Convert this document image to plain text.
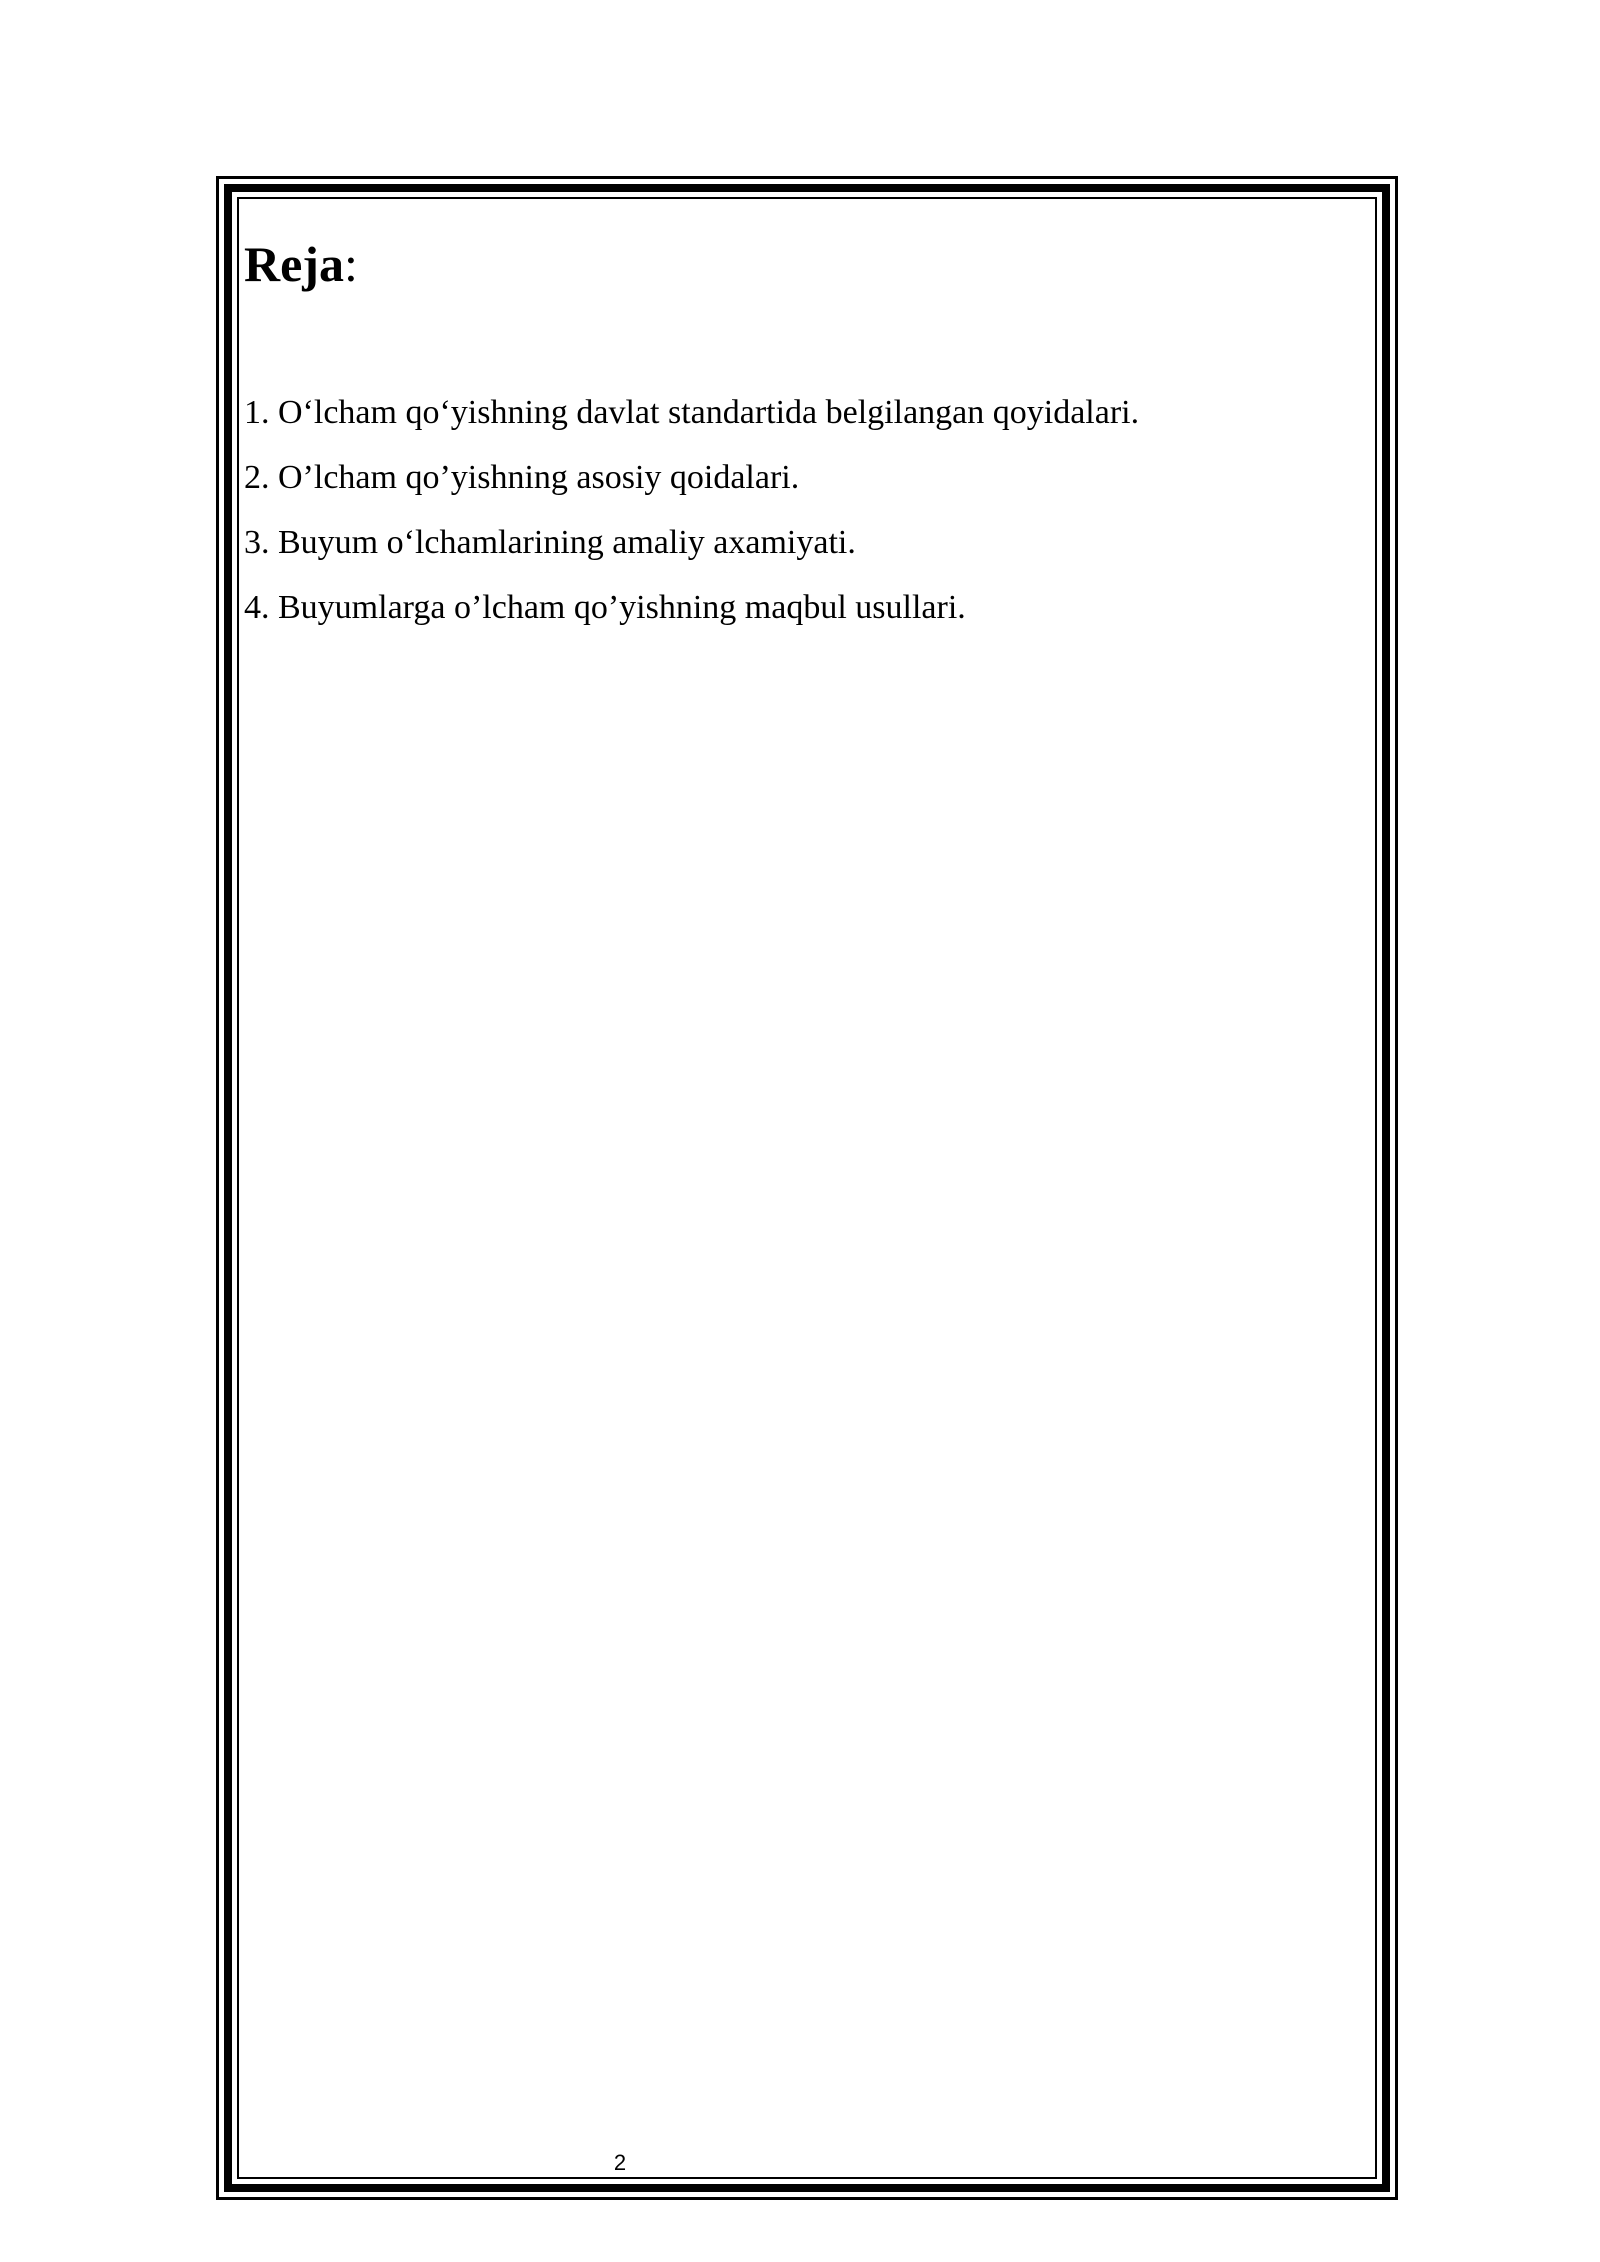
Reja:
1. O‘lcham qo‘yishning davlat standartida belgilangan qoyidalari.
2. O’lcham qo’yishning asosiy qoidalari.
3. Buyum o‘lchamlarining amaliy axamiyati.
4. Buyumlarga o’lcham qo’yishning maqbul usullari.
2
